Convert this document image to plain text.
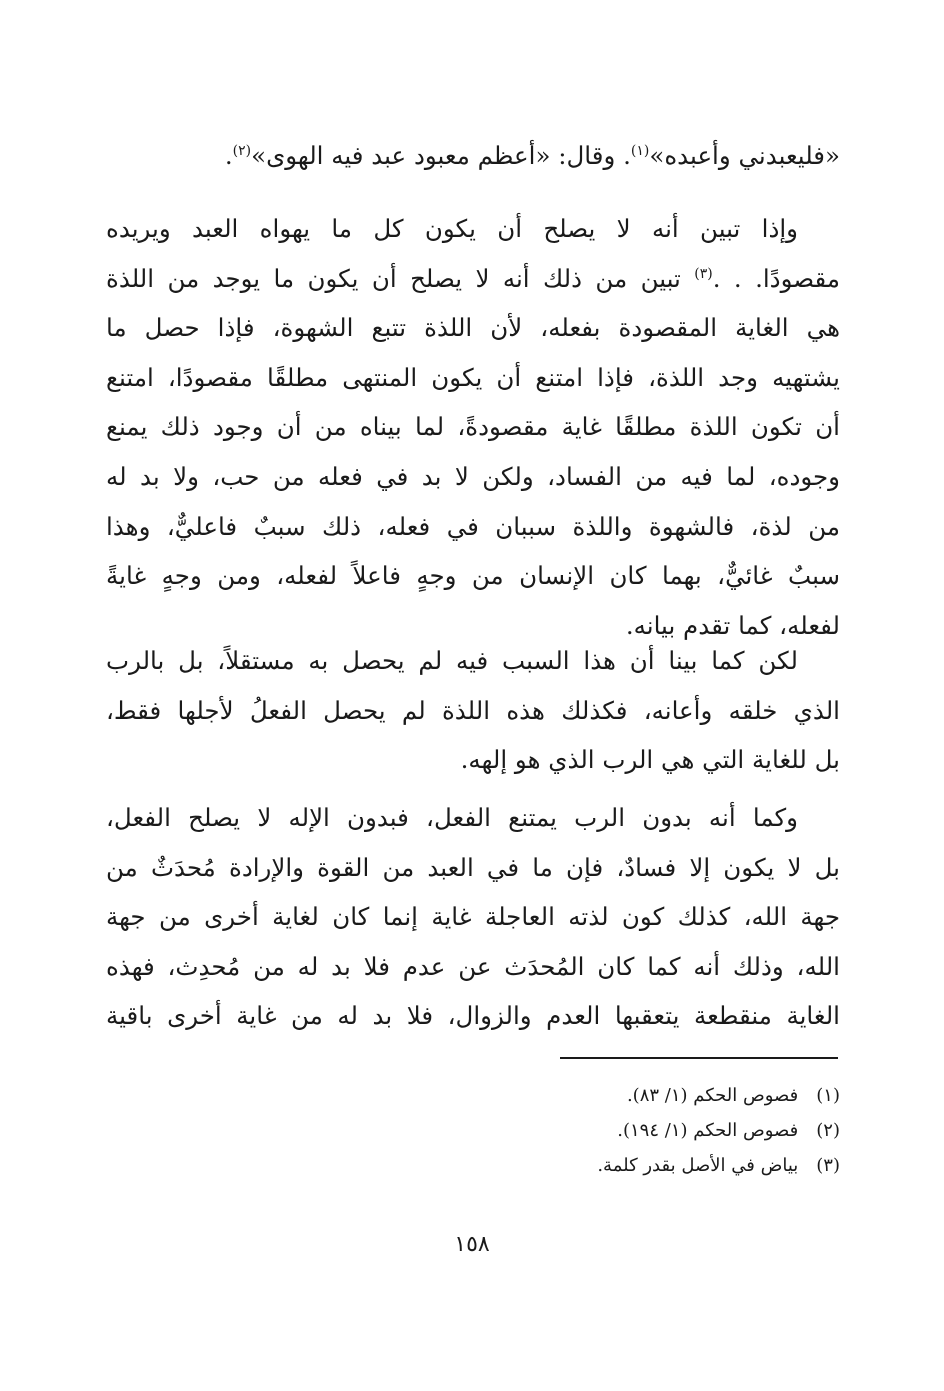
«فليعبدني وأعبده»$^{(١)}$. وقال: «أعظم معبود عبد فيه الهوى»$^{(٢)}$.
وإذا تبين أنه لا يصلح أن يكون كل ما يهواه العبد ويريده
مقصودًا. . .$^{(٣)}$ تبين من ذلك أنه لا يصلح أن يكون ما يوجد من اللذة
هي الغاية المقصودة بفعله، لأن اللذة تتبع الشهوة، فإذا حصل ما
يشتهيه وجد اللذة، فإذا امتنع أن يكون المنتهى مطلقًا مقصودًا، امتنع
أن تكون اللذة مطلقًا غاية مقصودةً، لما بيناه من أن وجود ذلك يمنع
وجوده، لما فيه من الفساد، ولكن لا بد في فعله من حب، ولا بد له
من لذة، فالشهوة واللذة سببان في فعله، ذلك سببٌ فاعليٌّ، وهذا
سببٌ غائيٌّ، بهما كان الإنسان من وجهٍ فاعلاً لفعله، ومن وجهٍ غايةً
لفعله، كما تقدم بيانه.
لكن كما بينا أن هذا السبب فيه لم يحصل به مستقلاً، بل بالرب
الذي خلقه وأعانه، فكذلك هذه اللذة لم يحصل الفعلُ لأجلها فقط،
بل للغاية التي هي الرب الذي هو إلهه.
وكما أنه بدون الرب يمتنع الفعل، فبدون الإله لا يصلح الفعل،
بل لا يكون إلا فسادٌ، فإن ما في العبد من القوة والإرادة مُحدَثٌ من
جهة الله، كذلك كون لذته العاجلة غاية إنما كان لغاية أخرى من جهة
الله، وذلك أنه كما كان المُحدَث عن عدم فلا بد له من مُحدِث، فهذه
الغاية منقطعة يتعقبها العدم والزوال، فلا بد له من غاية أخرى باقية
(١)فصوص الحكم (١/ ٨٣).
(٢)فصوص الحكم (١/ ١٩٤).
(٣)بياض في الأصل بقدر كلمة.
١٥٨
